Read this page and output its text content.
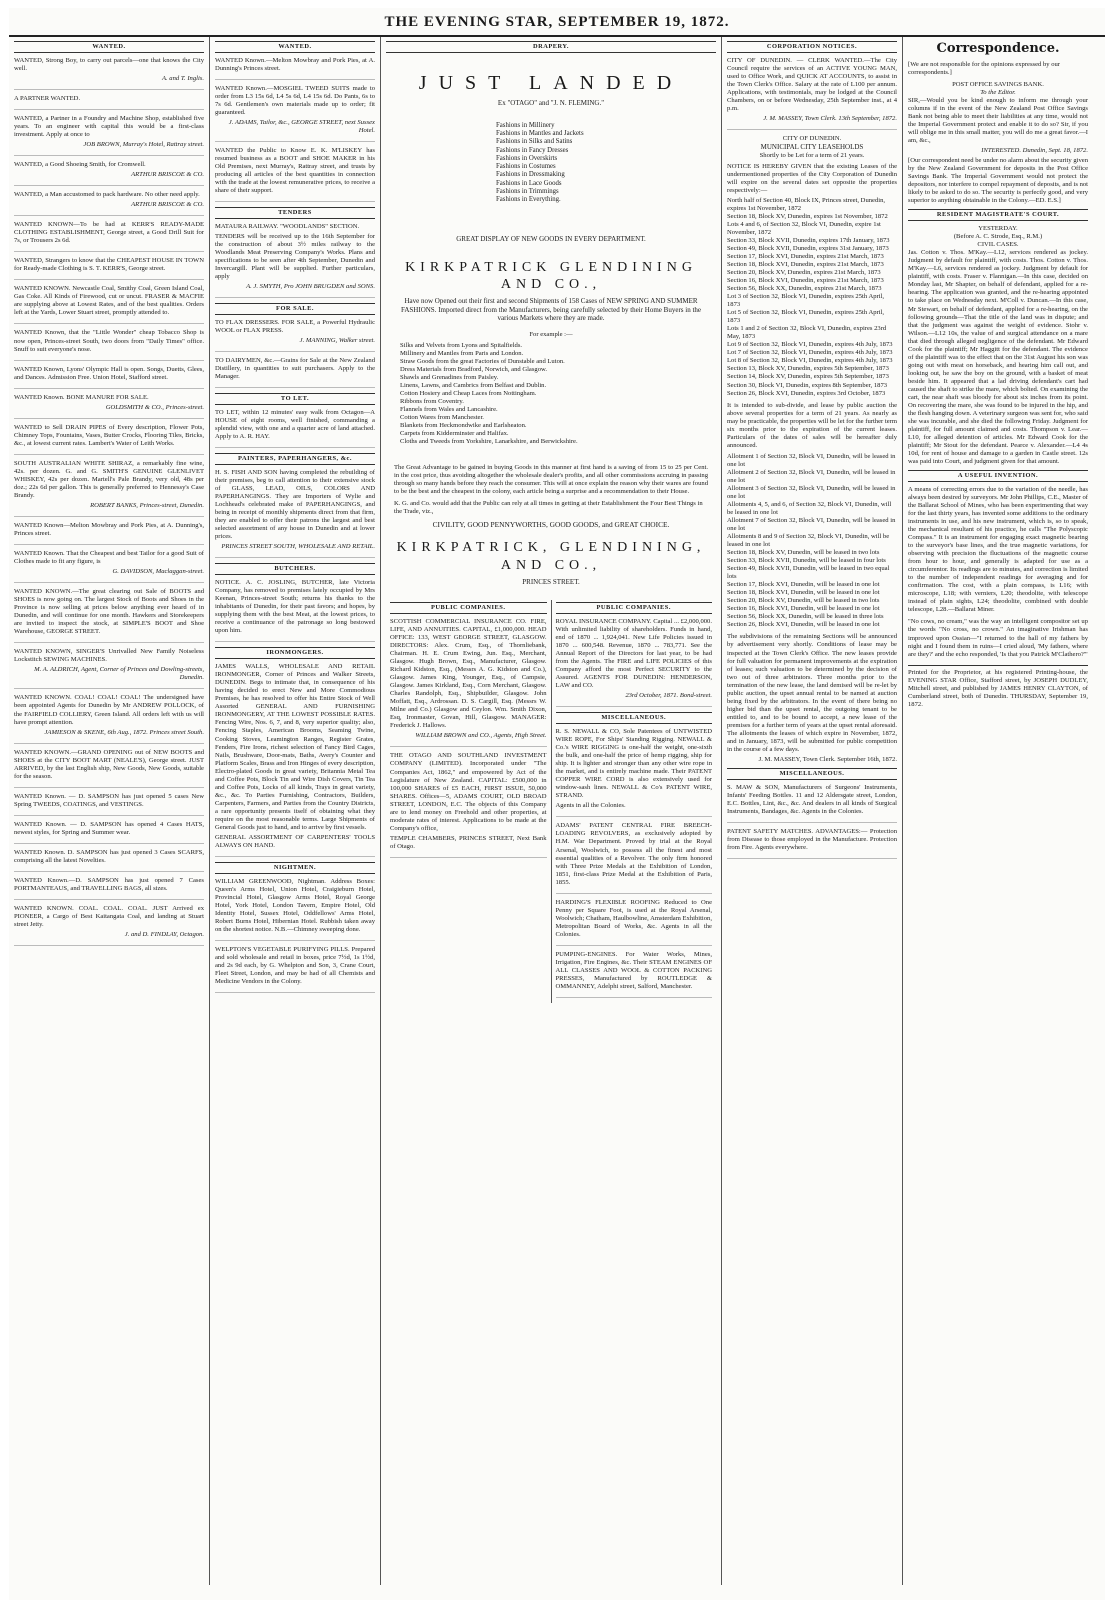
THE EVENING STAR, SEPTEMBER 19, 1872.
WANTED.

WANTED, Strong Boy, to carry out parcels—one that knows the City well.

A. and T. Inglis.

A PARTNER WANTED.

WANTED, a Partner in a Foundry and Machine Shop, established five years. To an engineer with capital this would be a first-class investment. Apply at once to

JOB BROWN, Murray's Hotel, Rattray street.

WANTED, a Good Shoeing Smith, for Cromwell.

ARTHUR BRISCOE & CO.

WANTED, a Man accustomed to pack hardware. No other need apply.

ARTHUR BRISCOE & CO.

WANTED KNOWN—To be had at KERR'S READY-MADE CLOTHING ESTABLISHMENT, George street, a Good Drill Suit for 7s, or Trousers 2s 6d.

WANTED, Strangers to know that the CHEAPEST HOUSE IN TOWN for Ready-made Clothing is S. T. KERR'S, George street.

WANTED KNOWN. Newcastle Coal, Smithy Coal, Green Island Coal, Gas Coke. All Kinds of Firewood, cut or uncut. FRASER & MACFIE are supplying above at Lowest Rates, and of the best qualities. Orders left at the Yards, Lower Stuart street, promptly attended to.

WANTED Known, that the "Little Wonder" cheap Tobacco Shop is now open, Princes-street South, two doors from "Daily Times" office. Snuff to suit everyone's nose.

WANTED Known, Lyons' Olympic Hall is open. Songs, Duetts, Glees, and Dances. Admission Free. Union Hotel, Stafford street.

WANTED Known. BONE MANURE FOR SALE.

GOLDSMITH & CO., Princes-street.

WANTED to Sell DRAIN PIPES of Every description, Flower Pots, Chimney Tops, Fountains, Vases, Butter Crocks, Flooring Tiles, Bricks, &c., at lowest current rates. Lambert's Water of Leith Works.

SOUTH AUSTRALIAN WHITE SHIRAZ, a remarkably fine wine, 42s. per dozen. G. and G. SMITH'S GENUINE GLENLIVET WHISKEY, 42s per dozen. Martell's Pale Brandy, very old, 48s per doz.; 22s 6d per gallon. This is generally preferred to Hennessy's Case Brandy.

ROBERT BANKS, Princes-street, Dunedin.

WANTED Known—Melton Mowbray and Pork Pies, at A. Dunning's, Princes street.

WANTED Known. That the Cheapest and best Tailor for a good Suit of Clothes made to fit any figure, is

G. DAVIDSON, Maclaggan-street.

WANTED KNOWN.—The great clearing out Sale of BOOTS and SHOES is now going on. The largest Stock of Boots and Shoes in the Province is now selling at prices below anything ever heard of in Dunedin, and will continue for one month. Hawkers and Storekeepers are invited to inspect the stock, at SIMPLE'S BOOT and Shoe Warehouse, GEORGE STREET.

WANTED KNOWN, SINGER'S Unrivalled New Family Noiseless Lockstitch SEWING MACHINES.

M. A. ALDRICH, Agent, Corner of Princes and Dowling-streets, Dunedin.

WANTED KNOWN. COAL! COAL! COAL! The undersigned have been appointed Agents for Dunedin by Mr ANDREW POLLOCK, of the FAIRFIELD COLLIERY, Green Island. All orders left with us will have prompt attention.

JAMIESON & SKENE, 6th Aug., 1872. Princes street South.

WANTED KNOWN.—GRAND OPENING out of NEW BOOTS and SHOES at the CITY BOOT MART (NEALE'S), George street. JUST ARRIVED, by the last English ship, New Goods, New Goods, suitable for the season.

WANTED Known. — D. SAMPSON has just opened 5 cases New Spring TWEEDS, COATINGS, and VESTINGS.

WANTED Known. — D. SAMPSON has opened 4 Cases HATS, newest styles, for Spring and Summer wear.

WANTED Known. D. SAMPSON has just opened 3 Cases SCARFS, comprising all the latest Novelties.

WANTED Known.—D. SAMPSON has just opened 7 Cases PORTMANTEAUS, and TRAVELLING BAGS, all sizes.

WANTED KNOWN. COAL. COAL. COAL. JUST Arrived ex PIONEER, a Cargo of Best Kaitangata Coal, and landing at Stuart street Jetty.

J. and D. FINDLAY, Octagon.

WANTED.

WANTED Known.—Melton Mowbray and Pork Pies, at A. Dunning's Princes street.

WANTED Known.—MOSGIEL TWEED SUITS made to order from L3 15s 6d, L4 5s 6d, L4 15s 6d. Do Pants, 6s to 7s 6d. Gentlemen's own materials made up to order; fit guaranteed.

J. ADAMS, Tailor, &c., GEORGE STREET, next Sussex Hotel.

WANTED the Public to Know E. K. M'LISKEY has resumed business as a BOOT and SHOE MAKER in his Old Premises, next Murray's, Rattray street, and trusts by producing all articles of the best quantities in connection with the trade at the lowest remunerative prices, to receive a share of their support.

TENDERS

MATAURA RAILWAY. "WOODLANDS" SECTION.

TENDERS will be received up to the 16th September for the construction of about 3½ miles railway to the Woodlands Meat Preserving Company's Works. Plans and specifications to be seen after 4th September, Dunedin and Invercargill. Plant will be supplied. Further particulars, apply

A. J. SMYTH, Pro JOHN BRUGDEN and SONS.

FOR SALE.

TO FLAX DRESSERS. FOR SALE, a Powerful Hydraulic WOOL or FLAX PRESS.

J. MANNING, Walker street.

TO DAIRYMEN, &c.—Grains for Sale at the New Zealand Distillery, in quantities to suit purchasers. Apply to the Manager.

TO LET.

TO LET, within 12 minutes' easy walk from Octagon—A HOUSE of eight rooms, well finished, commanding a splendid view, with one and a quarter acre of land attached. Apply to A. R. HAY.

PAINTERS, PAPERHANGERS, &c.

H. S. FISH AND SON having completed the rebuilding of their premises, beg to call attention to their extensive stock of GLASS, LEAD, OILS, COLORS AND PAPERHANGINGS. They are Importers of Wylie and Lochhead's celebrated make of PAPERHANGINGS, and being in receipt of monthly shipments direct from that firm, they are enabled to offer their patrons the largest and best selected assortment of any house in Dunedin and at lower prices.

PRINCES STREET SOUTH, WHOLESALE AND RETAIL.

BUTCHERS.

NOTICE. A. C. JOSLING, BUTCHER, late Victoria Company, has removed to premises lately occupied by Mrs Keenan, Princes-street South; returns his thanks to the inhabitants of Dunedin, for their past favors; and hopes, by supplying them with the best Meat, at the lowest prices, to receive a continuance of the patronage so long bestowed upon him.

IRONMONGERS.

JAMES WALLS, WHOLESALE AND RETAIL IRONMONGER, Corner of Princes and Walker Streets, DUNEDIN. Begs to intimate that, in consequence of his having decided to erect New and More Commodious Premises, he has resolved to offer his Entire Stock of Well Assorted GENERAL AND FURNISHING IRONMONGERY, AT THE LOWEST POSSIBLE RATES. Fencing Wire, Nos. 6, 7, and 8, very superior quality; also, Fencing Staples, American Brooms, Seaming Twine, Cooking Stoves, Leamington Ranges, Register Grates, Fenders, Fire Irons, richest selection of Fancy Bird Cages, Nails, Brushware, Door-mats, Baths, Avery's Counter and Platform Scales, Brass and Iron Hinges of every description, Electro-plated Goods in great variety, Britannia Metal Tea and Coffee Pots, Block Tin and Wire Dish Covers, Tin Tea and Coffee Pots, Locks of all kinds, Trays in great variety, &c., &c. To Parties Furnishing, Contractors, Builders, Carpenters, Farmers, and Parties from the Country Districts, a rare opportunity presents itself of obtaining what they require on the most reasonable terms. Large Shipments of General Goods just to hand, and to arrive by first vessels.

GENERAL ASSORTMENT OF CARPENTERS' TOOLS ALWAYS ON HAND.

NIGHTMEN.

WILLIAM GREENWOOD, Nightman. Address Boxes: Queen's Arms Hotel, Union Hotel, Craigieburn Hotel, Provincial Hotel, Glasgow Arms Hotel, Royal George Hotel, York Hotel, London Tavern, Empire Hotel, Old Identity Hotel, Sussex Hotel, Oddfellows' Arms Hotel, Robert Burns Hotel, Hibernian Hotel. Rubbish taken away on the shortest notice. N.B.—Chimney sweeping done.

WELPTON'S VEGETABLE PURIFYING PILLS. Prepared and sold wholesale and retail in boxes, price 7½d, 1s 1½d, and 2s 9d each, by G. Whelpton and Son, 3, Crane Court, Fleet Street, London, and may be had of all Chemists and Medicine Vendors in the Colony.

DRAPERY.
JUST LANDED
Ex "OTAGO" and "J. N. FLEMING."
Fashions in Millinery
Fashions in Mantles and Jackets
Fashions in Silks and Satins
Fashions in Fancy Dresses
Fashions in Overskirts
Fashions in Costumes
Fashions in Dressmaking
Fashions in Lace Goods
Fashions in Trimmings
Fashions in Everything.
GREAT DISPLAY OF NEW GOODS IN EVERY DEPARTMENT.
KIRKPATRICK GLENDINING AND CO.,

Have now Opened out their first and second Shipments of 158 Cases of NEW SPRING AND SUMMER FASHIONS. Imported direct from the Manufacturers, being carefully selected by their Home Buyers in the various Markets where they are made.

For example :—
Silks and Velvets from Lyons and Spitalfields.
Millinery and Mantles from Paris and London.
Straw Goods from the great Factories of Dunstable and Luton.
Dress Materials from Bradford, Norwich, and Glasgow.
Shawls and Grenadines from Paisley.
Linens, Lawns, and Cambrics from Belfast and Dublin.
Cotton Hosiery and Cheap Laces from Nottingham.
Ribbons from Coventry.
Flannels from Wales and Lancashire.
Cotton Wares from Manchester.
Blankets from Heckmondwike and Earlsheaton.
Carpets from Kidderminster and Halifax.
Cloths and Tweeds from Yorkshire, Lanarkshire, and Berwickshire.

The Great Advantage to be gained in buying Goods in this manner at first hand is a saving of from 15 to 25 per Cent. in the cost price, thus avoiding altogether the wholesale dealer's profits, and all other commissions accruing in passing through so many hands before they reach the consumer. This will at once explain the reason why their wares are found to be the best and the cheapest in the colony, each article being a surprise and a recommendation to their House.

K. G. and Co. would add that the Public can rely at all times in getting at their Establishment the Four Best Things in the Trade, viz.,

CIVILITY, GOOD PENNYWORTHS, GOOD GOODS, and GREAT CHOICE.
KIRKPATRICK, GLENDINING, AND CO.,
PRINCES STREET.
PUBLIC COMPANIES.

SCOTTISH COMMERCIAL INSURANCE CO. FIRE, LIFE, AND ANNUITIES. CAPITAL, £1,000,000. HEAD OFFICE: 133, WEST GEORGE STREET, GLASGOW. DIRECTORS: Alex. Crum, Esq., of Thornliebank, Chairman. H. E. Crum Ewing, Jun. Esq., Merchant, Glasgow. Hugh Brown, Esq., Manufacturer, Glasgow. Richard Kidston, Esq., (Messrs A. G. Kidston and Co.), Glasgow. James King, Younger, Esq., of Campsie, Glasgow. James Kirkland, Esq., Corn Merchant, Glasgow. Charles Randolph, Esq., Shipbuilder, Glasgow. John Moffatt, Esq., Ardrossan. D. S. Cargill, Esq. (Messrs W. Milne and Co.) Glasgow and Ceylon. Wm. Smith Dixon, Esq, Ironmaster, Govan, Hill, Glasgow. MANAGER: Frederick J. Hallows.

WILLIAM BROWN and CO., Agents, High Street.

THE OTAGO AND SOUTHLAND INVESTMENT COMPANY (LIMITED). Incorporated under "The Companies Act, 1862," and empowered by Act of the Legislature of New Zealand. CAPITAL: £500,000 in 100,000 SHARES of £5 EACH, FIRST ISSUE, 50,000 SHARES. Offices—5, ADAMS COURT, OLD BROAD STREET, LONDON, E.C. The objects of this Company are to lend money on Freehold and other properties, at moderate rates of interest. Applications to be made at the Company's office,

TEMPLE CHAMBERS, PRINCES STREET, Next Bank of Otago.

PUBLIC COMPANIES.

ROYAL INSURANCE COMPANY. Capital ... £2,000,000. With unlimited liability of shareholders. Funds in hand, end of 1870 ... 1,924,041. New Life Policies issued in 1870 ... 600,548. Revenue, 1870 ... 783,771. See the Annual Report of the Directors for last year, to be had from the Agents. The FIRE and LIFE POLICIES of this Company afford the most Perfect SECURITY to the Assured. AGENTS FOR DUNEDIN: HENDERSON, LAW and CO.

23rd October, 1871. Bond-street.

MISCELLANEOUS.

R. S. NEWALL & CO, Sole Patentees of UNTWISTED WIRE ROPE, For Ships' Standing Rigging. NEWALL & Co.'s WIRE RIGGING is one-half the weight, one-sixth the bulk, and one-half the price of hemp rigging, ship for ship. It is lighter and stronger than any other wire rope in the market, and is entirely machine made. Their PATENT COPPER WIRE CORD is also extensively used for window-sash lines. NEWALL & Co's PATENT WIRE, STRAND.

Agents in all the Colonies.

ADAMS' PATENT CENTRAL FIRE BREECH-LOADING REVOLVERS, as exclusively adopted by H.M. War Department. Proved by trial at the Royal Arsenal, Woolwich, to possess all the finest and most essential qualities of a Revolver. The only firm honored with Three Prize Medals at the Exhibition of London, 1851, first-class Prize Medal at the Exhibition of Paris, 1855.

HARDING'S FLEXIBLE ROOFING Reduced to One Penny per Square Foot, is used at the Royal Arsenal, Woolwich; Chatham, Haulbowline, Amsterdam Exhibition, Metropolitan Board of Works, &c. Agents in all the Colonies.

PUMPING-ENGINES. For Water Works, Mines, Irrigation, Fire Engines, &c. Their STEAM ENGINES OF ALL CLASSES AND WOOL & COTTON PACKING PRESSES, Manufactured by ROUTLEDGE & OMMANNEY, Adelphi street, Salford, Manchester.

CORPORATION NOTICES.

CITY OF DUNEDIN. — CLERK WANTED.—The City Council require the services of an ACTIVE YOUNG MAN, used to Office Work, and QUICK AT ACCOUNTS, to assist in the Town Clerk's Office. Salary at the rate of L100 per annum. Applications, with testimonials, may be lodged at the Council Chambers, on or before Wednesday, 25th September inst., at 4 p.m.

J. M. MASSEY, Town Clerk. 13th September, 1872.

CITY OF DUNEDIN.
MUNICIPAL CITY LEASEHOLDS
Shortly to be Let for a term of 21 years.

NOTICE IS HEREBY GIVEN that the existing Leases of the undermentioned properties of the City Corporation of Dunedin will expire on the several dates set opposite the properties respectively:—

North half of Section 40, Block IX, Princes street, Dunedin, expires 1st November, 1872
Section 18, Block XV, Dunedin, expires 1st November, 1872
Lots 4 and 6, of Section 32, Block VI, Dunedin, expire 1st November, 1872
Section 33, Block XVII, Dunedin, expires 17th January, 1873
Section 49, Block XVII, Dunedin, expires 31st January, 1873
Section 17, Block XVI, Dunedin, expires 21st March, 1873
Section 18, Block XVI, Dunedin, expires 21st March, 1873
Section 20, Block XV, Dunedin, expires 21st March, 1873
Section 16, Block XVI, Dunedin, expires 21st March, 1873
Section 56, Block XX, Dunedin, expires 21st March, 1873
Lot 3 of Section 32, Block VI, Dunedin, expires 25th April, 1873
Lot 5 of Section 32, Block VI, Dunedin, expires 25th April, 1873
Lots 1 and 2 of Section 32, Block VI, Dunedin, expires 23rd May, 1873
Lot 9 of Section 32, Block VI, Dunedin, expires 4th July, 1873
Lot 7 of Section 32, Block VI, Dunedin, expires 4th July, 1873
Lot 8 of Section 32, Block VI, Dunedin, expires 4th July, 1873
Section 13, Block XV, Dunedin, expires 5th September, 1873
Section 14, Block XV, Dunedin, expires 5th September, 1873
Section 30, Block VI, Dunedin, expires 8th September, 1873
Section 26, Block XVI, Dunedin, expires 3rd October, 1873

It is intended to sub-divide, and lease by public auction the above several properties for a term of 21 years. As nearly as may be practicable, the properties will be let for the further term six months prior to the expiration of the current leases. Particulars of the dates of sales will be hereafter duly announced.

Allotment 1 of Section 32, Block VI, Dunedin, will be leased in one lot
Allotment 2 of Section 32, Block VI, Dunedin, will be leased in one lot
Allotment 3 of Section 32, Block VI, Dunedin, will be leased in one lot
Allotments 4, 5, and 6, of Section 32, Block VI, Dunedin, will be leased in one lot
Allotment 7 of Section 32, Block VI, Dunedin, will be leased in one lot
Allotments 8 and 9 of Section 32, Block VI, Dunedin, will be leased in one lot
Section 18, Block XV, Dunedin, will be leased in two lots
Section 33, Block XVII, Dunedin, will be leased in four lots
Section 49, Block XVII, Dunedin, will be leased in two equal lots
Section 17, Block XVI, Dunedin, will be leased in one lot
Section 18, Block XVI, Dunedin, will be leased in one lot
Section 20, Block XV, Dunedin, will be leased in two lots
Section 16, Block XVI, Dunedin, will be leased in one lot
Section 56, Block XX, Dunedin, will be leased in three lots
Section 26, Block XVI, Dunedin, will be leased in one lot

The subdivisions of the remaining Sections will be announced by advertisement very shortly. Conditions of lease may be inspected at the Town Clerk's Office. The new leases provide for full valuation for permanent improvements at the expiration of leases; such valuation to be determined by the decision of two out of three arbitrators. Three months prior to the termination of the new lease, the land demised will be re-let by public auction, the upset annual rental to be named at auction being fixed by the arbitrators. In the event of there being no higher bid than the upset rental, the outgoing tenant to be entitled to, and to be bound to accept, a new lease of the premises for a further term of years at the upset rental aforesaid. The allotments the leases of which expire in November, 1872, and in January, 1873, will be submitted for public competition in the course of a few days.

J. M. MASSEY, Town Clerk. September 16th, 1872.

MISCELLANEOUS.

S. MAW & SON, Manufacturers of Surgeons' Instruments, Infants' Feeding Bottles. 11 and 12 Aldersgate street, London, E.C. Bottles, Lint, &c., &c. And dealers in all kinds of Surgical Instruments, Bandages, &c. Agents in the Colonies.

PATENT SAFETY MATCHES. ADVANTAGES:— Protection from Disease to those employed in the Manufacture. Protection from Fire. Agents everywhere.

Correspondence.

[We are not responsible for the opinions expressed by our correspondents.]

POST OFFICE SAVINGS BANK.
To the Editor.

SIR,—Would you be kind enough to inform me through your columns if in the event of the New Zealand Post Office Savings Bank not being able to meet their liabilities at any time, would not the Imperial Government protect and enable it to do so? Sir, if you will oblige me in this small matter, you will do me a great favor.—I am, &c.,

INTERESTED. Dunedin, Sept. 18, 1872.

[Our correspondent need be under no alarm about the security given by the New Zealand Government for deposits in the Post Office Savings Bank. The Imperial Government would not protect the depositors, nor interfere to compel repayment of deposits, and is not likely to be asked to do so. The security is perfectly good, and very superior to anything obtainable in the Colony.—ED. E.S.]

RESIDENT MAGISTRATE'S COURT.
YESTERDAY.
(Before A. C. Strode, Esq., R.M.)
CIVIL CASES.

Jas. Cotton v. Thos. M'Kay.—L12, services rendered as jockey. Judgment by default for plaintiff, with costs. Thos. Cotton v. Thos. M'Kay.—L6, services rendered as jockey. Judgment by default for plaintiff, with costs. Fraser v. Flannigan.—In this case, decided on Monday last, Mr Shapter, on behalf of defendant, applied for a re-hearing. The application was granted, and the re-hearing appointed to take place on Wednesday next. M'Coll v. Duncan.—In this case, Mr Stewart, on behalf of defendant, applied for a re-hearing, on the following grounds—That the title of the land was in dispute; and that the judgment was against the weight of evidence. Stohr v. Wilson.—L12 10s, the value of and surgical attendance on a mare that died through alleged negligence of the defendant. Mr Edward Cook for the plaintiff; Mr Haggitt for the defendant. The evidence of the plaintiff was to the effect that on the 31st August his son was going out with meat on horseback, and hearing him call out, and looking out, he saw the boy on the ground, with a basket of meat beside him. It appeared that a lad driving defendant's cart had caused the shaft to strike the mare, which bolted. On examining the cart, the near shaft was bloody for about six inches from its point. On recovering the mare, she was found to be injured in the hip, and the flesh hanging down. A veterinary surgeon was sent for, who said she was incurable, and she died the following Friday. Judgment for plaintiff, for full amount claimed and costs. Thompson v. Lear.—L10, for alleged detention of articles. Mr Edward Cook for the plaintiff; Mr Stout for the defendant. Pearce v. Alexander.—L4 4s 10d, for rent of house and damage to a garden in Castle street. 12s was paid into Court, and judgment given for that amount.

A USEFUL INVENTION.

A means of correcting errors due to the variation of the needle, has always been desired by surveyors. Mr John Phillips, C.E., Master of the Ballarat School of Mines, who has been experimenting that way for the last thirty years, has invented some additions to the ordinary instruments in use, and his new instrument, which is, so to speak, the mechanical resultant of his practice, he calls "The Polyscopic Compass." It is an instrument for engaging exact magnetic bearing to the surveyor's base lines, and the true magnetic variations, for observing with precision the fluctuations of the magnetic course from hour to hour, and generally is adapted for use as a circumferentor. Its readings are to minutes, and correction is limited to the number of independent readings for averaging and for confirmation. The cost, with a plain compass, is L16; with microscope, L18; with verniers, L20; theodolite, with telescope instead of plain sights, L24; theodolite, combined with double telescope, L28.—Ballarat Miner.

"No cows, no cream," was the way an intelligent compositor set up the words "No cross, no crown." An imaginative Irishman has improved upon Ossian—"I returned to the hall of my fathers by night and I found them in ruins—I cried aloud, 'My fathers, where are they?' and the echo responded, 'Is that you Patrick M'Clathero?'"

Printed for the Proprietor, at his registered Printing-house, the EVENING STAR Office, Stafford street, by JOSEPH DUDLEY, Mitchell street, and published by JAMES HENRY CLAYTON, of Cumberland street, both of Dunedin. THURSDAY, September 19, 1872.
